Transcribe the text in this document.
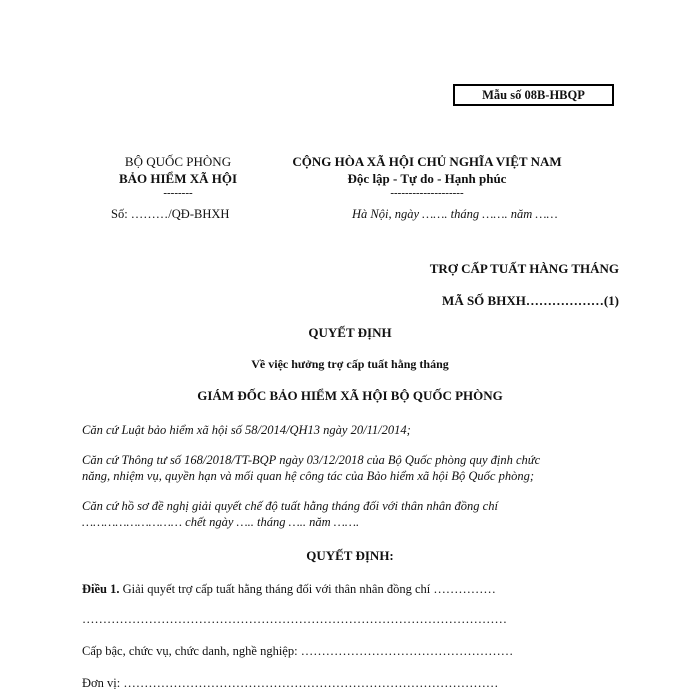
Mẫu số 08B-HBQP
BỘ QUỐC PHÒNG
BẢO HIỂM XÃ HỘI
--------
Số: ………/QĐ-BHXH
CỘNG HÒA XÃ HỘI CHỦ NGHĨA VIỆT NAM
Độc lập - Tự do - Hạnh phúc
--------------------
Hà Nội, ngày ……. tháng ……. năm ……
TRỢ CẤP TUẤT HÀNG THÁNG
MÃ SỐ BHXH………………(1)
QUYẾT ĐỊNH
Về việc hưởng trợ cấp tuất hằng tháng
GIÁM ĐỐC BẢO HIỂM XÃ HỘI BỘ QUỐC PHÒNG
Căn cứ Luật bảo hiểm xã hội số 58/2014/QH13 ngày 20/11/2014;
Căn cứ Thông tư số 168/2018/TT-BQP ngày 03/12/2018 của Bộ Quốc phòng quy định chức
năng, nhiệm vụ, quyền hạn và mối quan hệ công tác của Bảo hiểm xã hội Bộ Quốc phòng;
Căn cứ hồ sơ đề nghị giải quyết chế độ tuất hằng tháng đối với thân nhân đồng chí
……………………… chết ngày ….. tháng ….. năm …….
QUYẾT ĐỊNH:
Điều 1. Giải quyết trợ cấp tuất hằng tháng đối với thân nhân đồng chí ……………
…………………………………………………………………………………………
Cấp bậc, chức vụ, chức danh, nghề nghiệp: ……………………………………………
Đơn vị: ………………………………………………………………………………
